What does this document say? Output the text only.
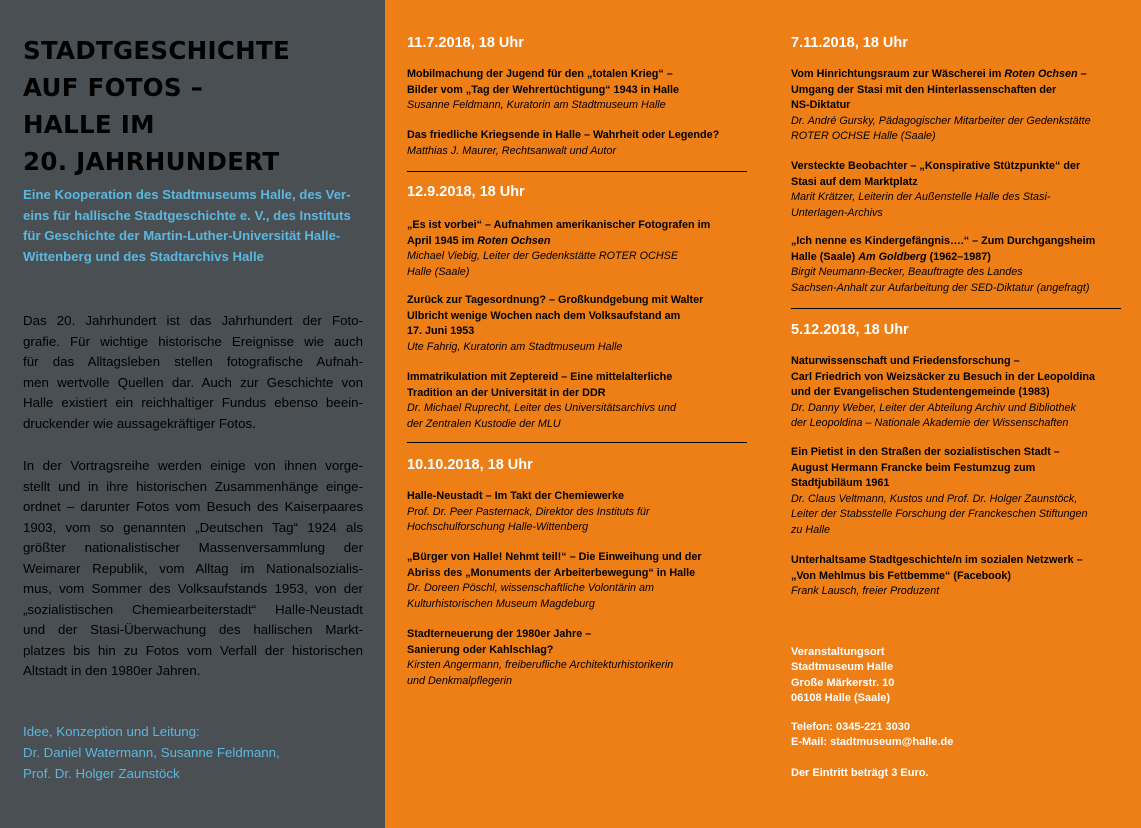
STADTGESCHICHTE
AUF FOTOS –
HALLE IM
20. JAHRHUNDERT
Eine Kooperation des Stadtmuseums Halle, des Ver-
eins für hallische Stadtgeschichte e. V., des Instituts
für Geschichte der Martin-Luther-Universität Halle-
Wittenberg und des Stadtarchivs Halle
Das 20. Jahrhundert ist das Jahrhundert der Foto-
grafie. Für wichtige historische Ereignisse wie auch
für das Alltagsleben stellen fotografische Aufnah-
men wertvolle Quellen dar. Auch zur Geschichte von
Halle existiert ein reichhaltiger Fundus ebenso beein-
druckender wie aussagekräftiger Fotos.
In der Vortragsreihe werden einige von ihnen vorge-
stellt und in ihre historischen Zusammenhänge einge-
ordnet – darunter Fotos vom Besuch des Kaiserpaares
1903, vom so genannten „Deutschen Tag“ 1924 als
größter nationalistischer Massenversammlung der
Weimarer Republik, vom Alltag im Nationalsozialis-
mus, vom Sommer des Volksaufstands 1953, von der
„sozialistischen Chemiearbeiterstadt“ Halle-Neustadt
und der Stasi-Überwachung des hallischen Markt-
platzes bis hin zu Fotos vom Verfall der historischen
Altstadt in den 1980er Jahren.
Idee, Konzeption und Leitung:
Dr. Daniel Watermann, Susanne Feldmann,
Prof. Dr. Holger Zaunstöck
11.7.2018, 18 Uhr
Mobilmachung der Jugend für den „totalen Krieg“ –
Bilder vom „Tag der Wehrertüchtigung“ 1943 in Halle
Susanne Feldmann, Kuratorin am Stadtmuseum Halle
Das friedliche Kriegsende in Halle – Wahrheit oder Legende?
Matthias J. Maurer, Rechtsanwalt und Autor
12.9.2018, 18 Uhr
„Es ist vorbei“ – Aufnahmen amerikanischer Fotografen im
April 1945 im Roten Ochsen
Michael Viebig, Leiter der Gedenkstätte ROTER OCHSE
Halle (Saale)
Zurück zur Tagesordnung? – Großkundgebung mit Walter
Ulbricht wenige Wochen nach dem Volksaufstand am
17. Juni 1953
Ute Fahrig, Kuratorin am Stadtmuseum Halle
Immatrikulation mit Zeptereid – Eine mittelalterliche
Tradition an der Universität in der DDR
Dr. Michael Ruprecht, Leiter des Universitätsarchivs und
der Zentralen Kustodie der MLU
10.10.2018, 18 Uhr
Halle-Neustadt – Im Takt der Chemiewerke
Prof. Dr. Peer Pasternack, Direktor des Instituts für
Hochschulforschung Halle-Wittenberg
„Bürger von Halle! Nehmt teil!“ – Die Einweihung und der
Abriss des „Monuments der Arbeiterbewegung“ in Halle
Dr. Doreen Pöschl, wissenschaftliche Volontärin am
Kulturhistorischen Museum Magdeburg
Stadterneuerung der 1980er Jahre –
Sanierung oder Kahlschlag?
Kirsten Angermann, freiberufliche Architekturhistorikerin
und Denkmalpflegerin
7.11.2018, 18 Uhr
Vom Hinrichtungsraum zur Wäscherei im Roten Ochsen –
Umgang der Stasi mit den Hinterlassenschaften der
NS-Diktatur
Dr. André Gursky, Pädagogischer Mitarbeiter der Gedenkstätte
ROTER OCHSE Halle (Saale)
Versteckte Beobachter – „Konspirative Stützpunkte“ der
Stasi auf dem Marktplatz
Marit Krätzer, Leiterin der Außenstelle Halle des Stasi-
Unterlagen-Archivs
„Ich nenne es Kindergefängnis….“ – Zum Durchgangsheim
Halle (Saale) Am Goldberg (1962–1987)
Birgit Neumann-Becker, Beauftragte des Landes
Sachsen-Anhalt zur Aufarbeitung der SED-Diktatur (angefragt)
5.12.2018, 18 Uhr
Naturwissenschaft und Friedensforschung –
Carl Friedrich von Weizsäcker zu Besuch in der Leopoldina
und der Evangelischen Studentengemeinde (1983)
Dr. Danny Weber, Leiter der Abteilung Archiv und Bibliothek
der Leopoldina – Nationale Akademie der Wissenschaften
Ein Pietist in den Straßen der sozialistischen Stadt –
August Hermann Francke beim Festumzug zum
Stadtjubiläum 1961
Dr. Claus Veltmann, Kustos und Prof. Dr. Holger Zaunstöck,
Leiter der Stabsstelle Forschung der Franckeschen Stiftungen
zu Halle
Unterhaltsame Stadtgeschichte/n im sozialen Netzwerk –
„Von Mehlmus bis Fettbemme“ (Facebook)
Frank Lausch, freier Produzent
Veranstaltungsort
Stadtmuseum Halle
Große Märkerstr. 10
06108 Halle (Saale)
Telefon: 0345-221 3030
E-Mail: stadtmuseum@halle.de
Der Eintritt beträgt 3 Euro.
